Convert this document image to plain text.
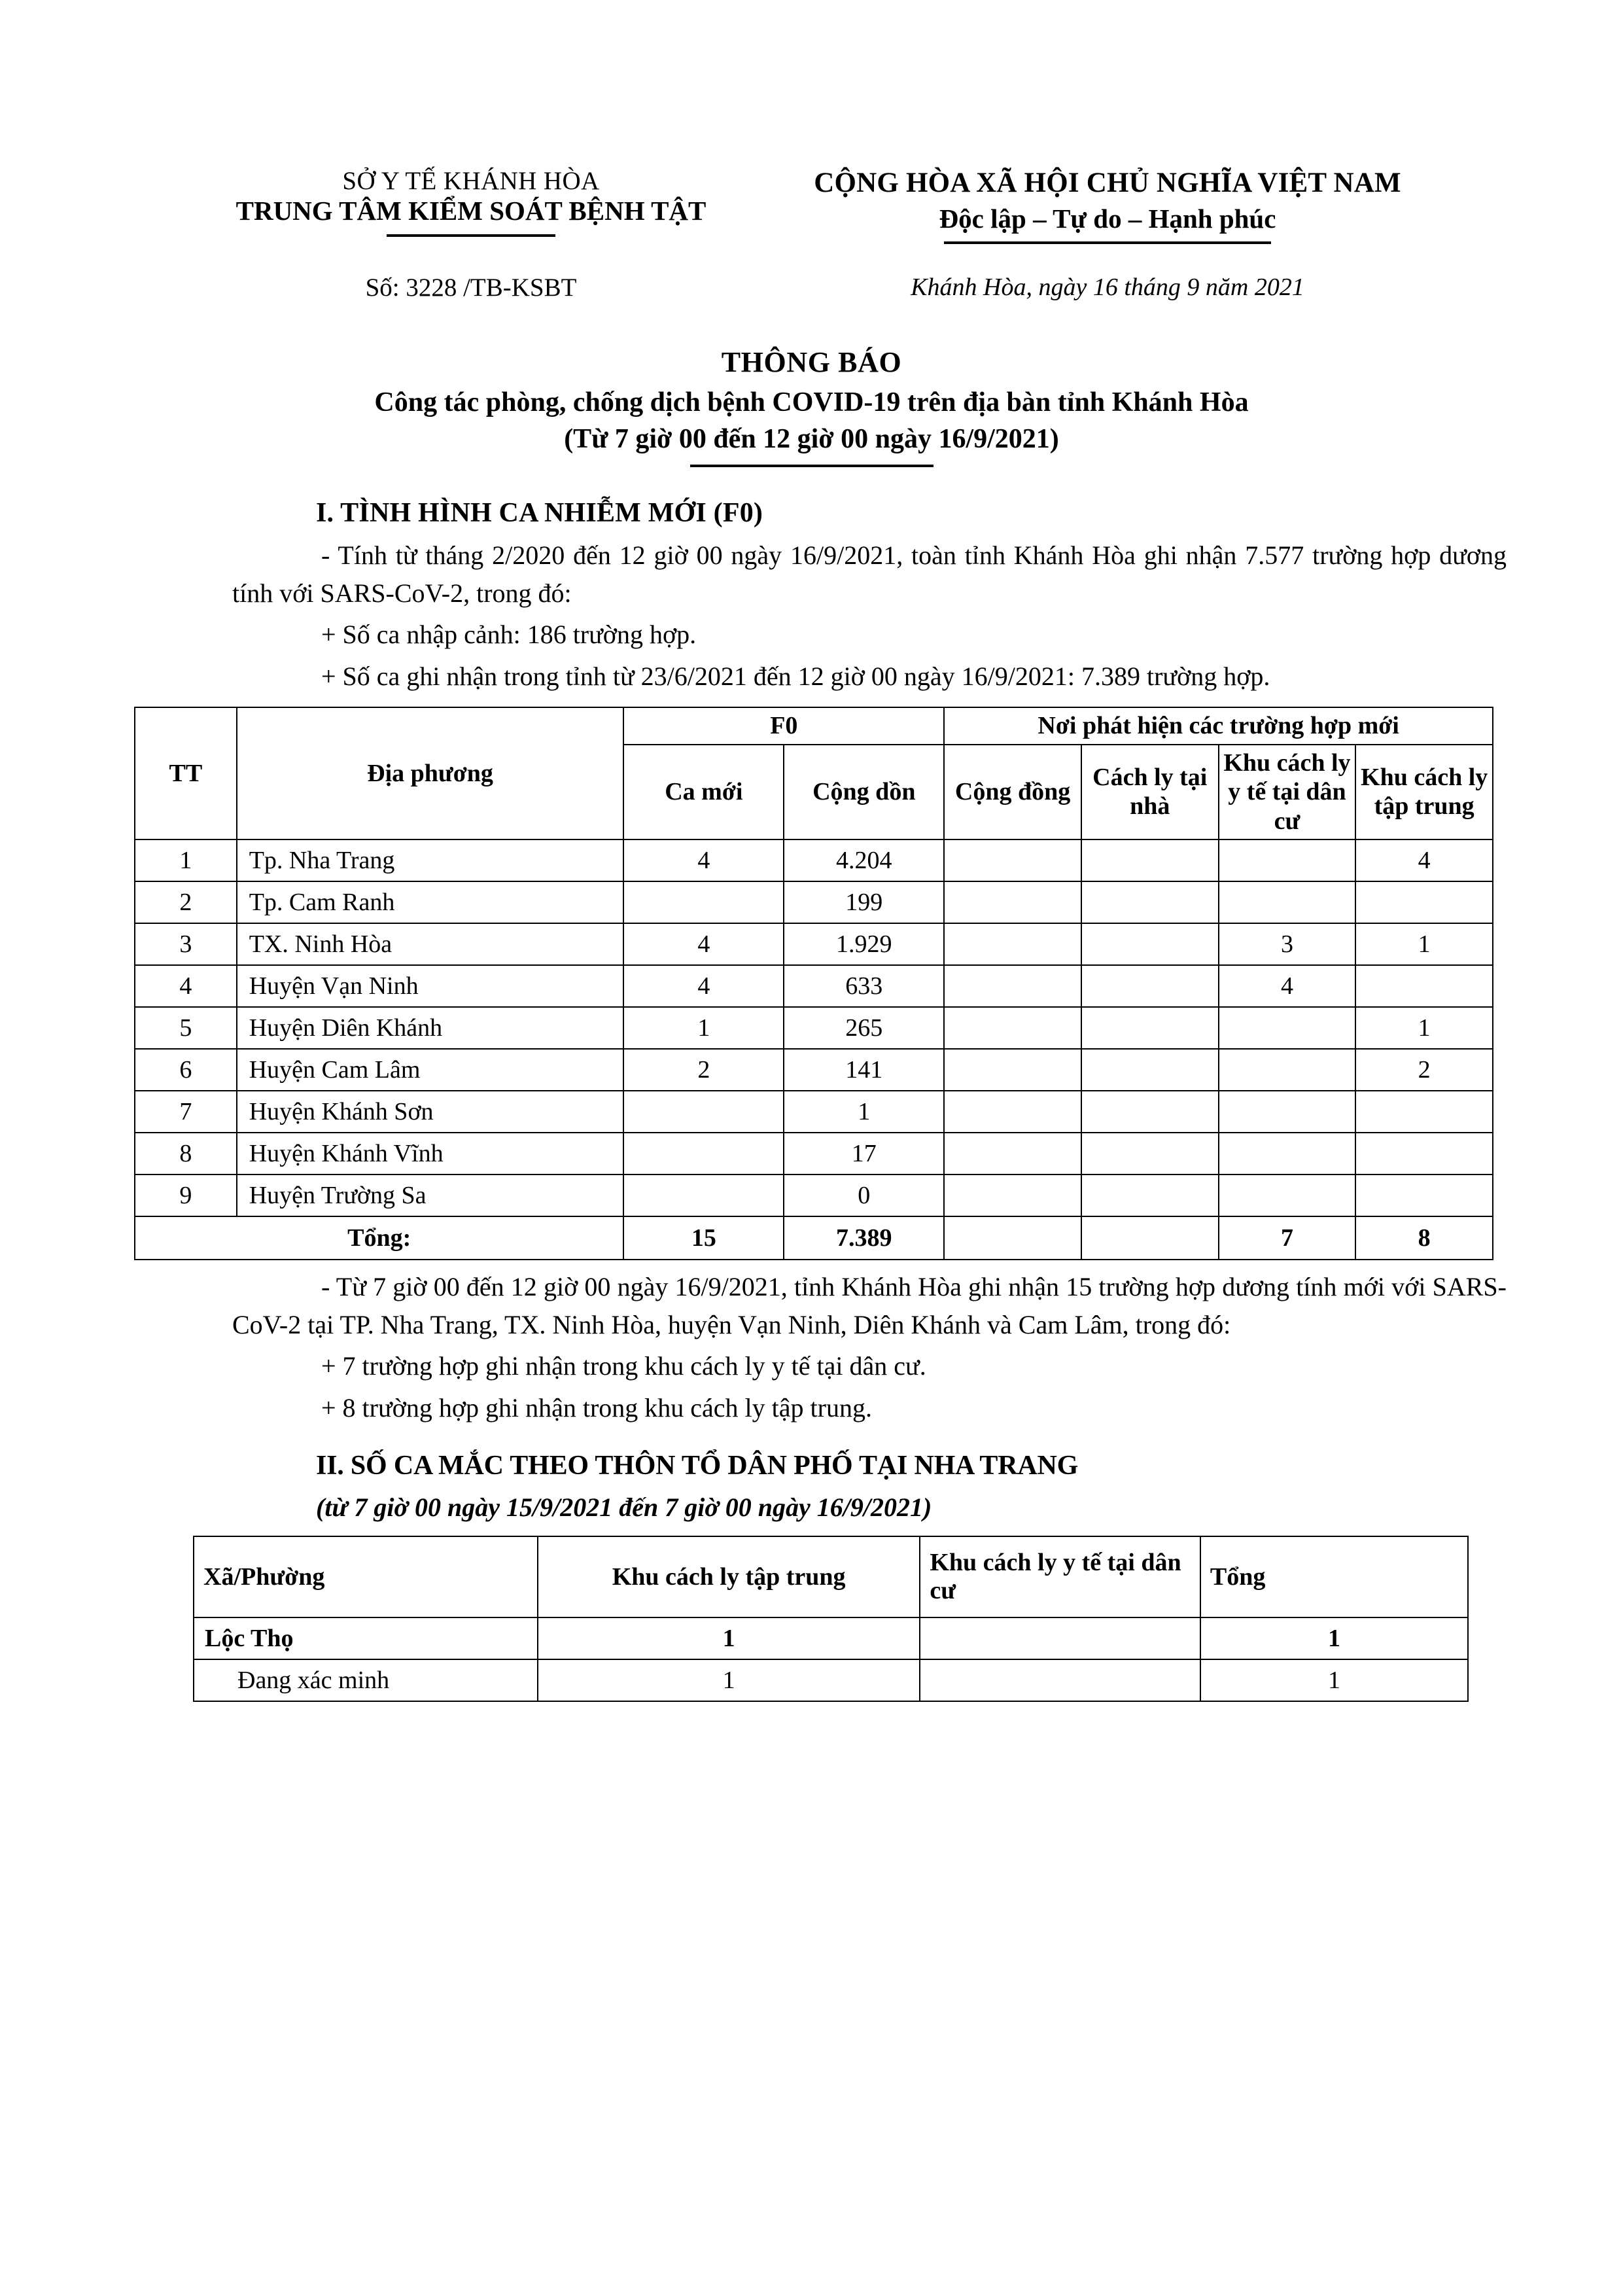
SỞ Y TẾ KHÁNH HÒA
TRUNG TÂM KIỂM SOÁT BỆNH TẬT
CỘNG HÒA XÃ HỘI CHỦ NGHĨA VIỆT NAM
Độc lập – Tự do – Hạnh phúc
Số: 3228 /TB-KSBT	Khánh Hòa, ngày 16 tháng 9 năm 2021
THÔNG BÁO
Công tác phòng, chống dịch bệnh COVID-19 trên địa bàn tỉnh Khánh Hòa
(Từ 7 giờ 00 đến 12 giờ 00 ngày 16/9/2021)
I. TÌNH HÌNH CA NHIỄM MỚI (F0)
- Tính từ tháng 2/2020 đến 12 giờ 00 ngày 16/9/2021, toàn tỉnh Khánh Hòa ghi nhận 7.577 trường hợp dương tính với SARS-CoV-2, trong đó:
+ Số ca nhập cảnh: 186 trường hợp.
+ Số ca ghi nhận trong tỉnh từ 23/6/2021 đến 12 giờ 00 ngày 16/9/2021: 7.389 trường hợp.
TT	Địa phương	F0		Nơi phát hiện các trường hợp mới			
		Ca mới	Cộng dồn	Cộng đồng	Cách ly tại nhà	Khu cách ly y tế tại dân cư	Khu cách ly tập trung
1	Tp. Nha Trang	4	4.204				4
2	Tp. Cam Ranh		199				
3	TX. Ninh Hòa	4	1.929			3	1
4	Huyện Vạn Ninh	4	633			4	
5	Huyện Diên Khánh	1	265				1
6	Huyện Cam Lâm	2	141				2
7	Huyện Khánh Sơn		1				
8	Huyện Khánh Vĩnh		17				
9	Huyện Trường Sa		0				
Tổng:		15	7.389			7	8
- Từ 7 giờ 00 đến 12 giờ 00 ngày 16/9/2021, tỉnh Khánh Hòa ghi nhận 15 trường hợp dương tính mới với SARS-CoV-2 tại TP. Nha Trang, TX. Ninh Hòa, huyện Vạn Ninh, Diên Khánh và Cam Lâm, trong đó:
+ 7 trường hợp ghi nhận trong khu cách ly y tế tại dân cư.
+ 8 trường hợp ghi nhận trong khu cách ly tập trung.
II. SỐ CA MẮC THEO THÔN TỔ DÂN PHỐ TẠI NHA TRANG
(từ 7 giờ 00 ngày 15/9/2021 đến 7 giờ 00 ngày 16/9/2021)
Xã/Phường	Khu cách ly tập trung	Khu cách ly y tế tại dân cư	Tổng
Lộc Thọ	1		1
Đang xác minh	1		1
